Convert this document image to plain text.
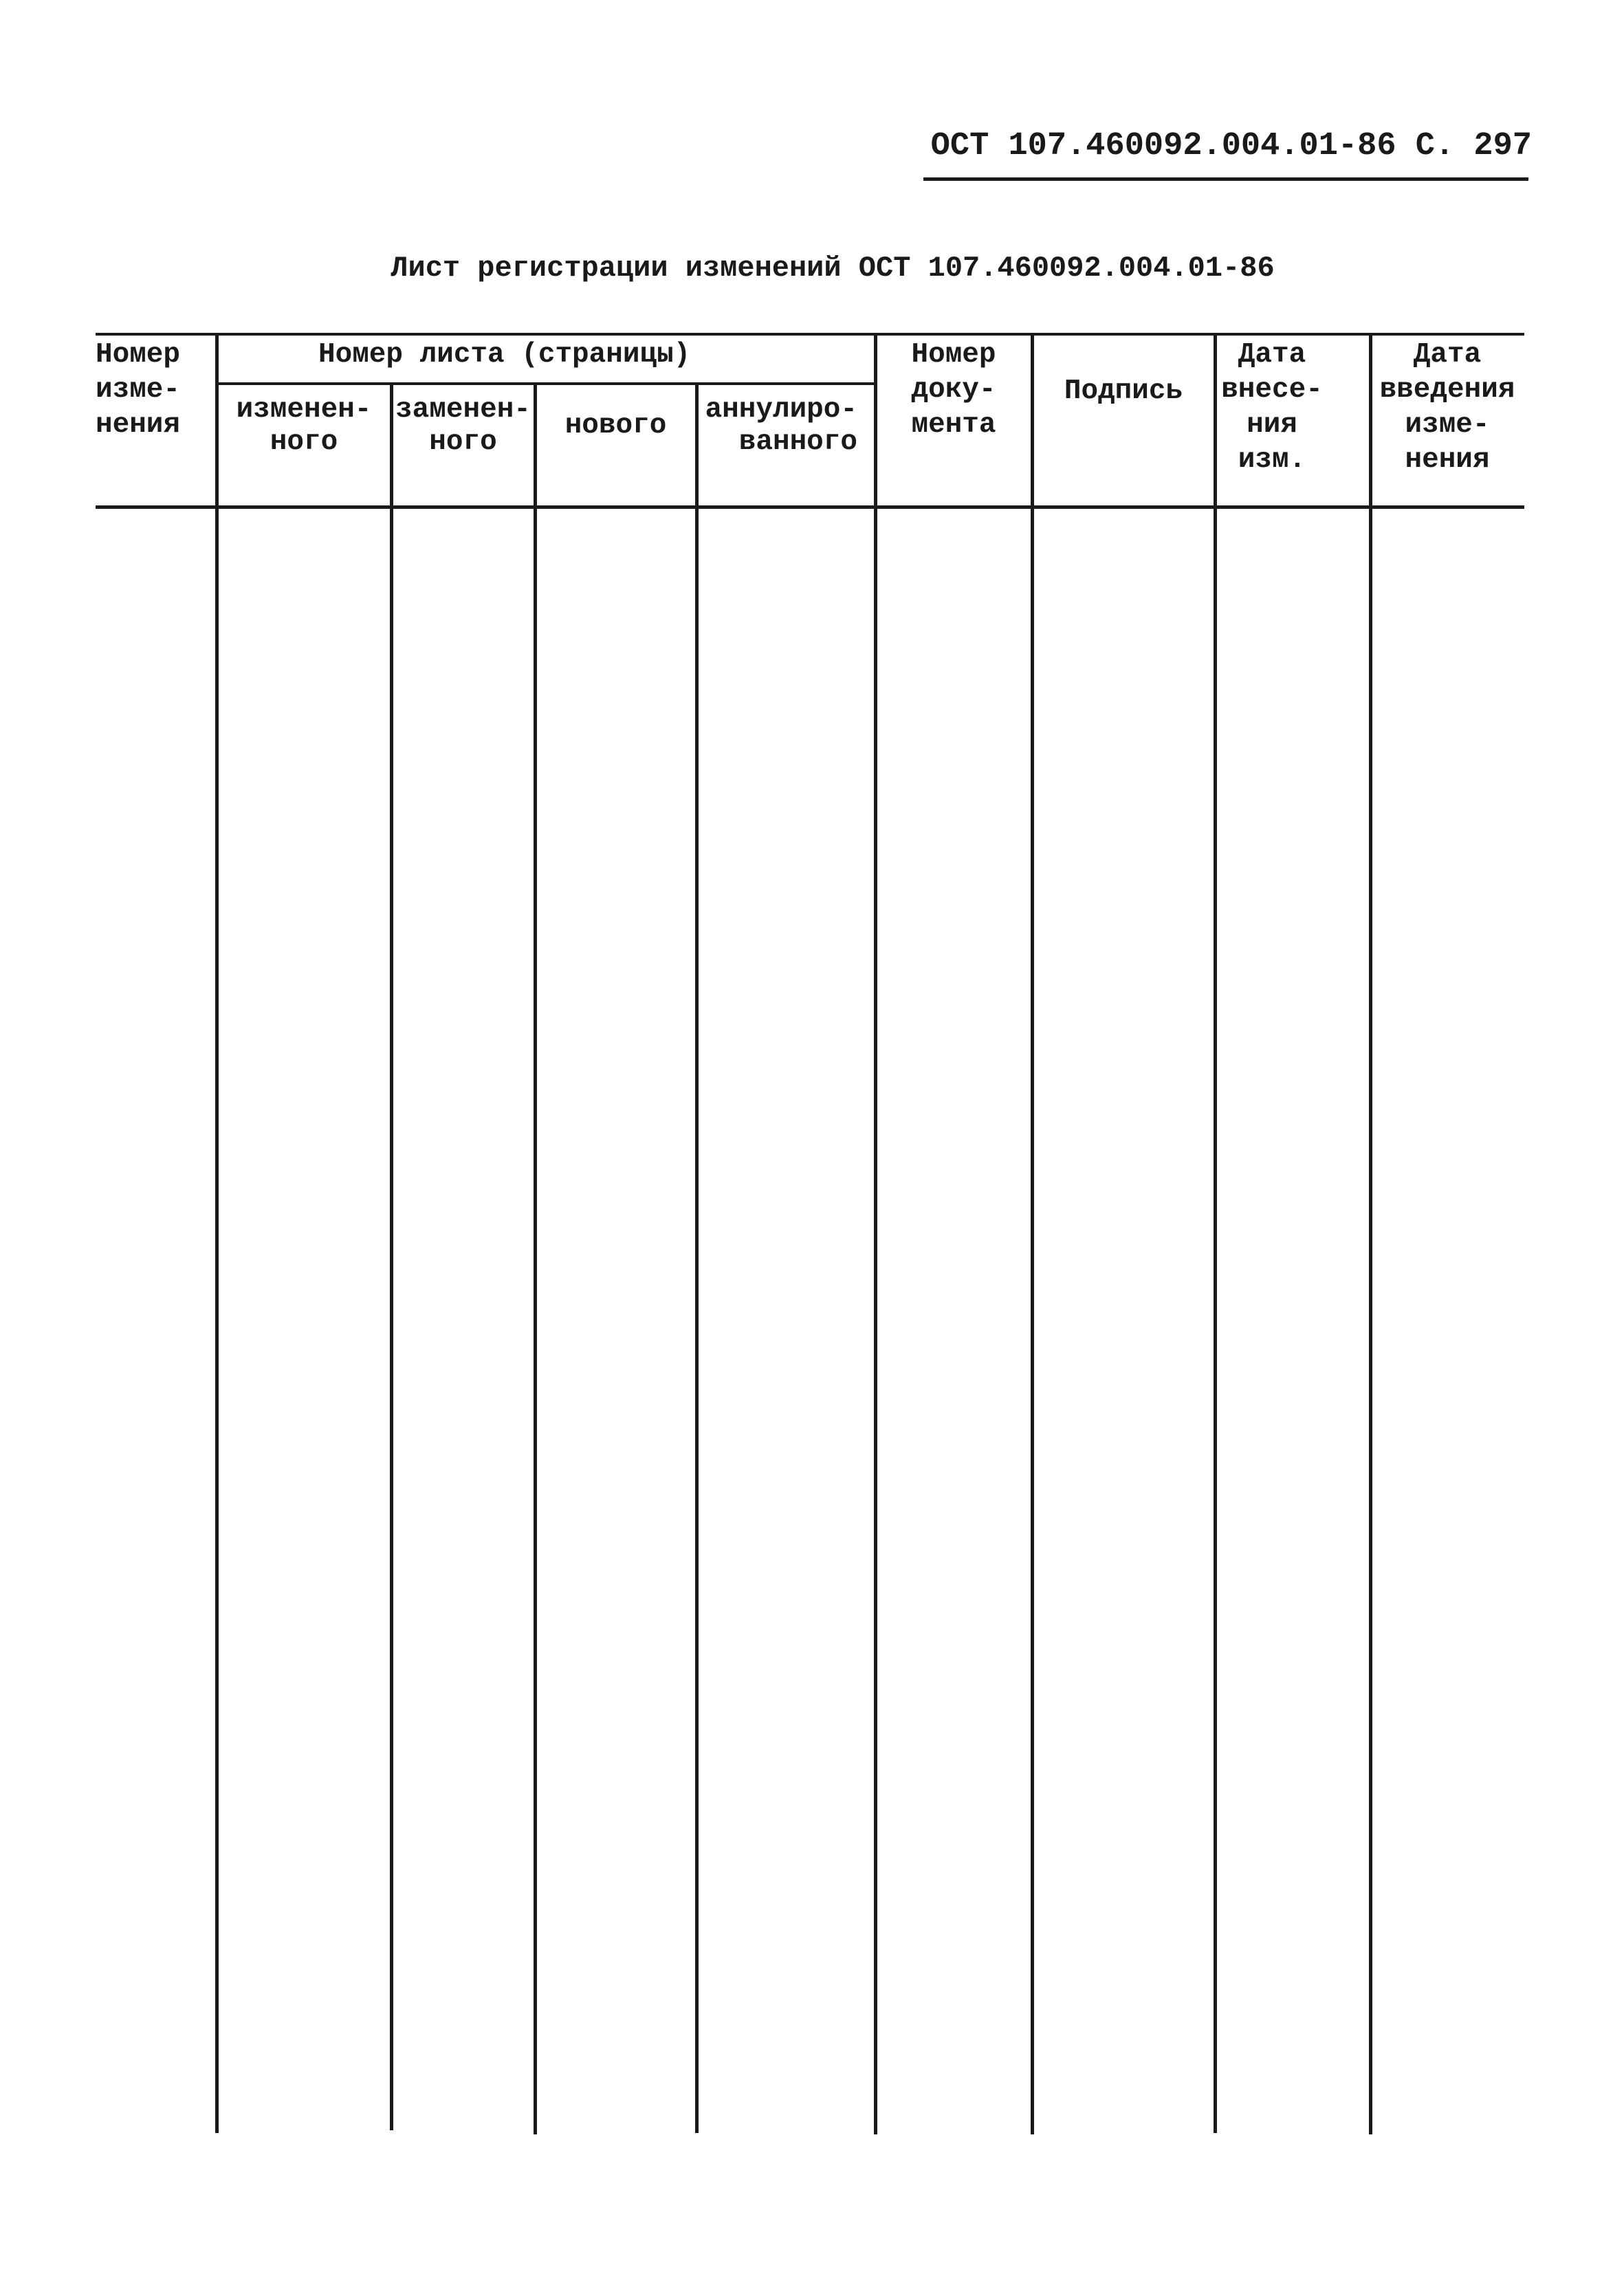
ОСТ 107.460092.004.01-86 С. 297
Лист регистрации изменений ОСТ 107.460092.004.01-86
Номер
изме-
нения
Номер листа (страницы)
изменен-
ного
заменен-
ного
нового	аннулиро-
ванного
Номер
доку-
мента
Подпись
Дата
внесе-
ния
изм.
Дата
введения
изме-
нения
